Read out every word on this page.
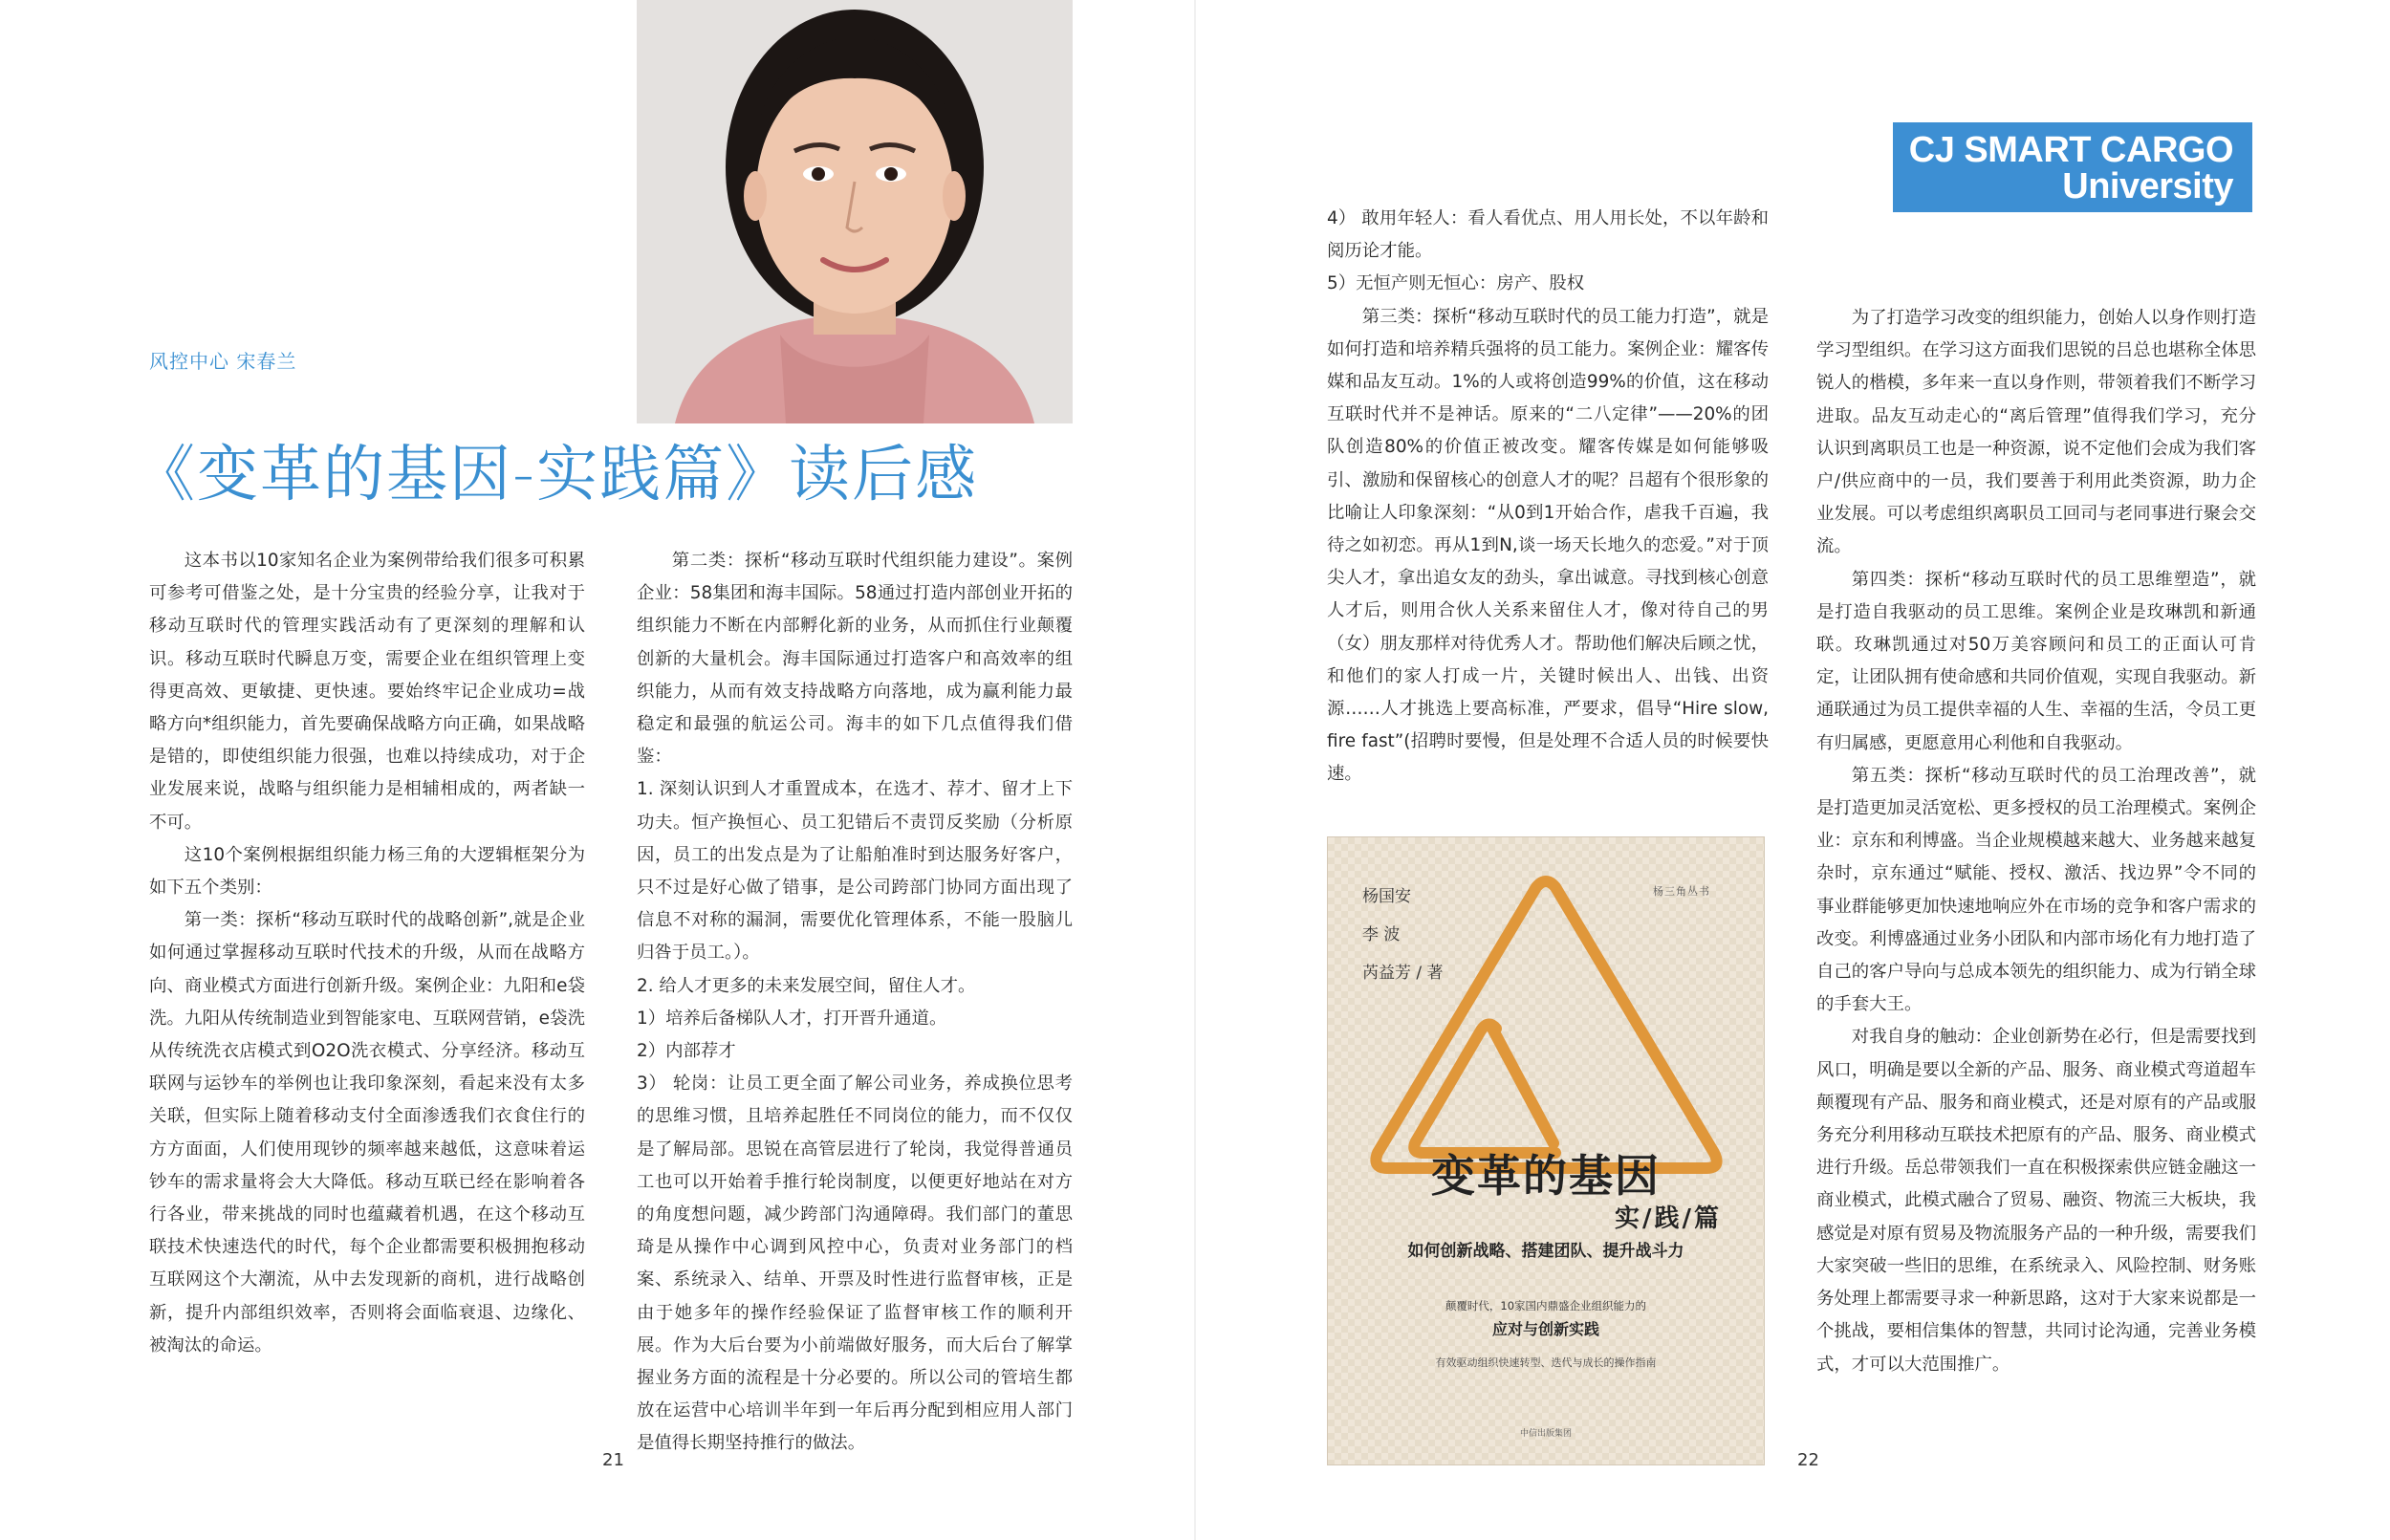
风控中心 宋春兰
《变革的基因-实践篇》读后感

这本书以10家知名企业为案例带给我们很多可积累可参考可借鉴之处，是十分宝贵的经验分享，让我对于移动互联时代的管理实践活动有了更深刻的理解和认识。移动互联时代瞬息万变，需要企业在组织管理上变得更高效、更敏捷、更快速。要始终牢记企业成功=战略方向*组织能力，首先要确保战略方向正确，如果战略是错的，即使组织能力很强，也难以持续成功，对于企业发展来说，战略与组织能力是相辅相成的，两者缺一不可。

这10个案例根据组织能力杨三角的大逻辑框架分为如下五个类别：

第一类：探析“移动互联时代的战略创新”,就是企业如何通过掌握移动互联时代技术的升级，从而在战略方向、商业模式方面进行创新升级。案例企业：九阳和e袋洗。九阳从传统制造业到智能家电、互联网营销，e袋洗从传统洗衣店模式到O2O洗衣模式、分享经济。移动互联网与运钞车的举例也让我印象深刻，看起来没有太多关联，但实际上随着移动支付全面渗透我们衣食住行的方方面面，人们使用现钞的频率越来越低，这意味着运钞车的需求量将会大大降低。移动互联已经在影响着各行各业，带来挑战的同时也蕴藏着机遇，在这个移动互联技术快速迭代的时代，每个企业都需要积极拥抱移动互联网这个大潮流，从中去发现新的商机，进行战略创新，提升内部组织效率，否则将会面临衰退、边缘化、被淘汰的命运。

第二类：探析“移动互联时代组织能力建设”。案例企业：58集团和海丰国际。58通过打造内部创业开拓的组织能力不断在内部孵化新的业务，从而抓住行业颠覆创新的大量机会。海丰国际通过打造客户和高效率的组织能力，从而有效支持战略方向落地，成为赢利能力最稳定和最强的航运公司。海丰的如下几点值得我们借鉴：

1. 深刻认识到人才重置成本，在选才、荐才、留才上下功夫。恒产换恒心、员工犯错后不责罚反奖励（分析原因，员工的出发点是为了让船舶准时到达服务好客户，只不过是好心做了错事，是公司跨部门协同方面出现了信息不对称的漏洞，需要优化管理体系，不能一股脑儿归咎于员工。）。

2. 给人才更多的未来发展空间，留住人才。

1）培养后备梯队人才，打开晋升通道。

2）内部荐才

3） 轮岗：让员工更全面了解公司业务，养成换位思考的思维习惯，且培养起胜任不同岗位的能力，而不仅仅是了解局部。思锐在高管层进行了轮岗，我觉得普通员工也可以开始着手推行轮岗制度，以便更好地站在对方的角度想问题，减少跨部门沟通障碍。我们部门的董思琦是从操作中心调到风控中心，负责对业务部门的档案、系统录入、结单、开票及时性进行监督审核，正是由于她多年的操作经验保证了监督审核工作的顺利开展。作为大后台要为小前端做好服务，而大后台了解掌握业务方面的流程是十分必要的。所以公司的管培生都放在运营中心培训半年到一年后再分配到相应用人部门是值得长期坚持推行的做法。

21
CJ SMART CARGO
University

4） 敢用年轻人：看人看优点、用人用长处，不以年龄和阅历论才能。

5）无恒产则无恒心：房产、股权

第三类：探析“移动互联时代的员工能力打造”，就是如何打造和培养精兵强将的员工能力。案例企业：耀客传媒和品友互动。1%的人或将创造99%的价值，这在移动互联时代并不是神话。原来的“二八定律”——20%的团队创造80%的价值正被改变。耀客传媒是如何能够吸引、激励和保留核心的创意人才的呢？吕超有个很形象的比喻让人印象深刻：“从0到1开始合作，虐我千百遍，我待之如初恋。再从1到N,谈一场天长地久的恋爱。”对于顶尖人才，拿出追女友的劲头，拿出诚意。寻找到核心创意人才后，则用合伙人关系来留住人才，像对待自己的男（女）朋友那样对待优秀人才。帮助他们解决后顾之忧，和他们的家人打成一片，关键时候出人、出钱、出资源……人才挑选上要高标准，严要求，倡导“Hire slow, fire fast”(招聘时要慢，但是处理不合适人员的时候要快速。

为了打造学习改变的组织能力，创始人以身作则打造学习型组织。在学习这方面我们思锐的吕总也堪称全体思锐人的楷模，多年来一直以身作则，带领着我们不断学习进取。品友互动走心的“离后管理”值得我们学习，充分认识到离职员工也是一种资源，说不定他们会成为我们客户/供应商中的一员，我们要善于利用此类资源，助力企业发展。可以考虑组织离职员工回司与老同事进行聚会交流。

第四类：探析“移动互联时代的员工思维塑造”，就是打造自我驱动的员工思维。案例企业是玫琳凯和新通联。玫琳凯通过对50万美容顾问和员工的正面认可肯定，让团队拥有使命感和共同价值观，实现自我驱动。新通联通过为员工提供幸福的人生、幸福的生活，令员工更有归属感，更愿意用心利他和自我驱动。

第五类：探析“移动互联时代的员工治理改善”，就是打造更加灵活宽松、更多授权的员工治理模式。案例企业：京东和利博盛。当企业规模越来越大、业务越来越复杂时，京东通过“赋能、授权、激活、找边界”令不同的事业群能够更加快速地响应外在市场的竞争和客户需求的改变。利博盛通过业务小团队和内部市场化有力地打造了自己的客户导向与总成本领先的组织能力、成为行销全球的手套大王。

对我自身的触动：企业创新势在必行，但是需要找到风口，明确是要以全新的产品、服务、商业模式弯道超车颠覆现有产品、服务和商业模式，还是对原有的产品或服务充分利用移动互联技术把原有的产品、服务、商业模式进行升级。岳总带领我们一直在积极探索供应链金融这一商业模式，此模式融合了贸易、融资、物流三大板块，我感觉是对原有贸易及物流服务产品的一种升级，需要我们大家突破一些旧的思维，在系统录入、风险控制、财务账务处理上都需要寻求一种新思路，这对于大家来说都是一个挑战，要相信集体的智慧，共同讨论沟通，完善业务模式，才可以大范围推广。

杨国安
李 波
芮益芳 / 著
杨三角丛书
变革的基因
实/践/篇
如何创新战略、搭建团队、提升战斗力
颠覆时代，10家国内鼎盛企业组织能力的
应对与创新实践
有效驱动组织快速转型、迭代与成长的操作指南
中信出版集团
22
